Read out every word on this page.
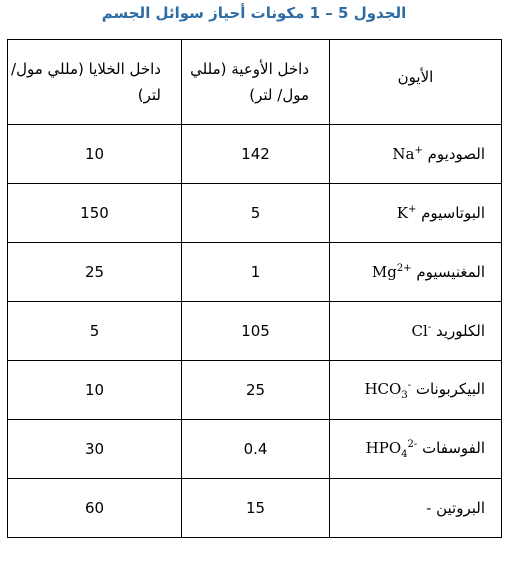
الجدول 5 – 1 مكونات أحياز سوائل الجسم
الأيون	داخل الأوعية (مللي مول/ لتر)	داخل الخلايا (مللي مول/ لتر)
الصوديوم Na+	142	10
البوتاسيوم K+	5	150
المغنيسيوم $Mg^{2+}$	1	25
الكلوريد Cl-	105	5
البيكربونات $HCO_3^-$	25	10
الفوسفات $HPO_4^{2-}$	0.4	30
البروتين -	15	60
